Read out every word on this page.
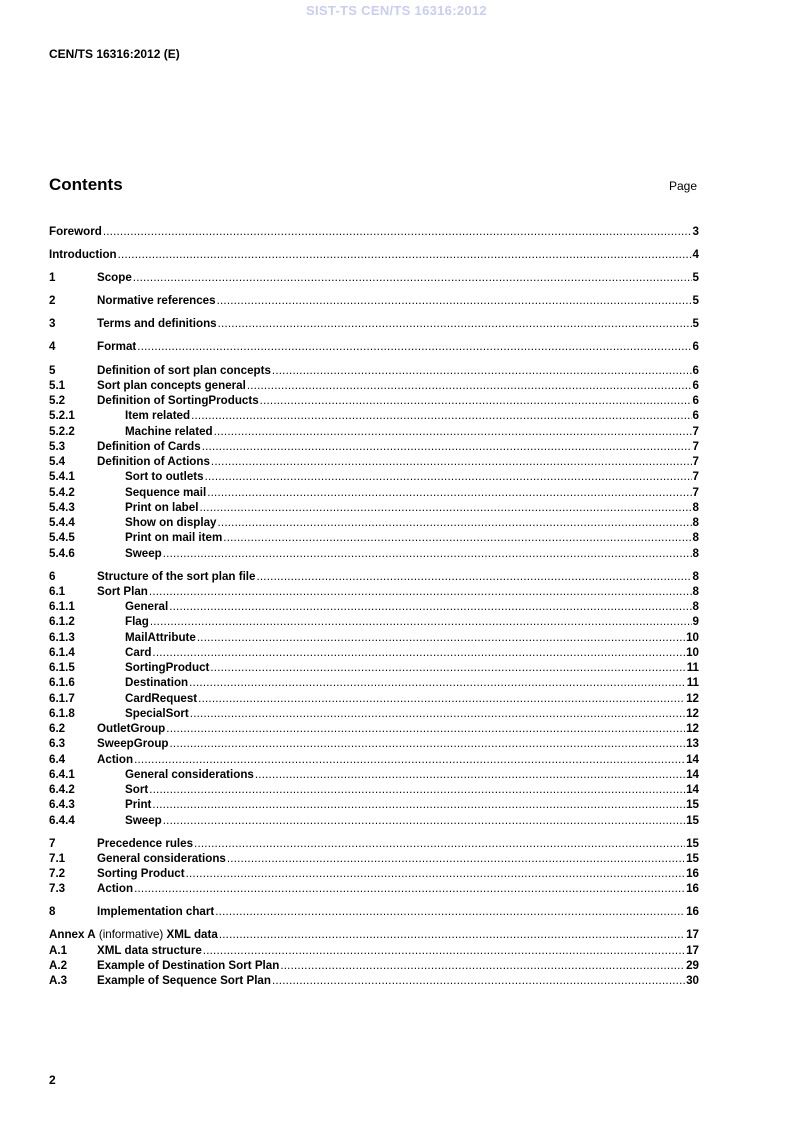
SIST-TS CEN/TS 16316:2012
CEN/TS 16316:2012 (E)
Contents	Page
Foreword .....	3
Introduction .....	4
1	Scope .....	5
2	Normative references .....	5
3	Terms and definitions .....	5
4	Format .....	6
5	Definition of sort plan concepts .....	6
5.1	Sort plan concepts general .....	6
5.2	Definition of SortingProducts .....	6
5.2.1	Item related .....	6
5.2.2	Machine related .....	7
5.3	Definition of Cards .....	7
5.4	Definition of Actions .....	7
5.4.1	Sort to outlets .....	7
5.4.2	Sequence mail .....	7
5.4.3	Print on label .....	8
5.4.4	Show on display .....	8
5.4.5	Print on mail item .....	8
5.4.6	Sweep .....	8
6	Structure of the sort plan file .....	8
6.1	Sort Plan .....	8
6.1.1	General .....	8
6.1.2	Flag .....	9
6.1.3	MailAttribute .....	10
6.1.4	Card .....	10
6.1.5	SortingProduct .....	11
6.1.6	Destination .....	11
6.1.7	CardRequest .....	12
6.1.8	SpecialSort .....	12
6.2	OutletGroup .....	12
6.3	SweepGroup .....	13
6.4	Action .....	14
6.4.1	General considerations .....	14
6.4.2	Sort .....	14
6.4.3	Print .....	15
6.4.4	Sweep .....	15
7	Precedence rules .....	15
7.1	General considerations .....	15
7.2	Sorting Product .....	16
7.3	Action .....	16
8	Implementation chart .....	16
Annex A (informative) XML data .....	17
A.1	XML data structure .....	17
A.2	Example of Destination Sort Plan .....	29
A.3	Example of Sequence Sort Plan .....	30
2
